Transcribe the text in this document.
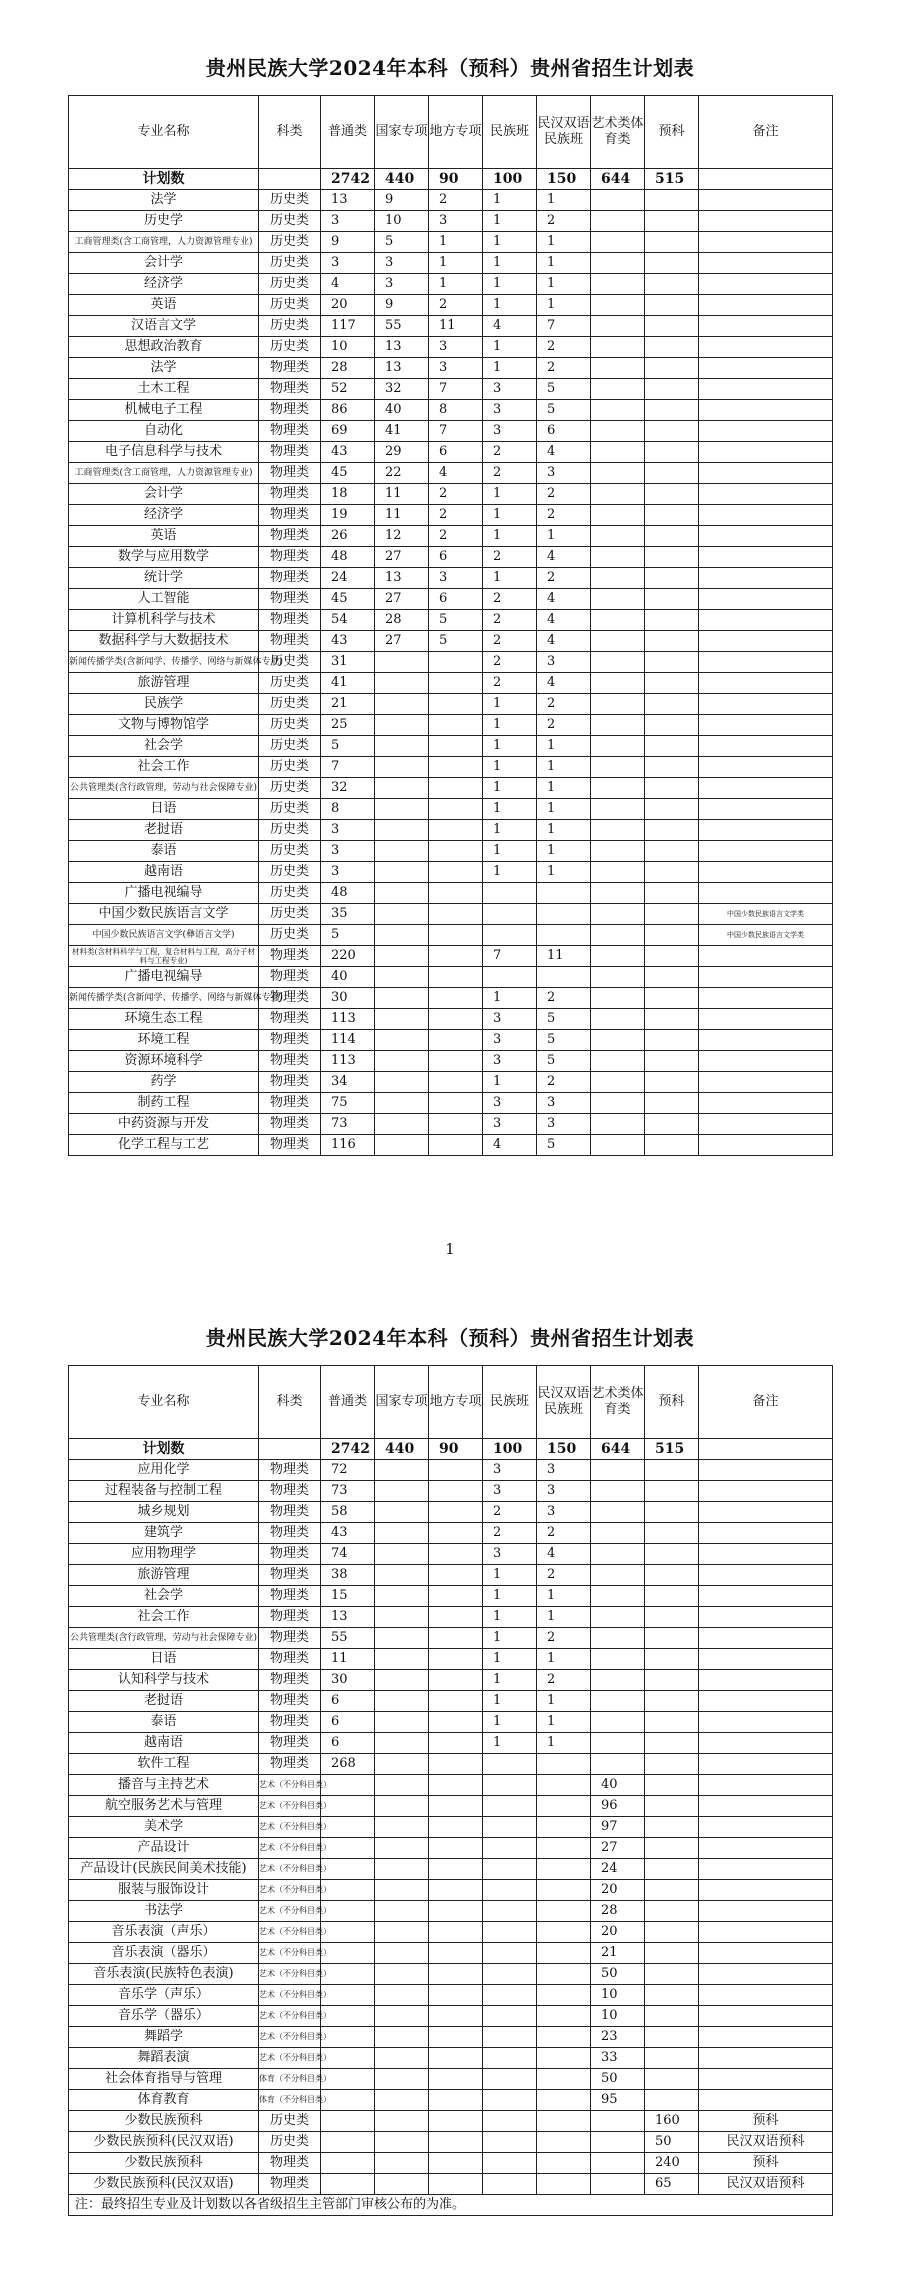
贵州民族大学2024年本科（预科）贵州省招生计划表
专业名称	科类	普通类	国家专项	地方专项	民族班	民汉双语民族班	艺术类体育类	预科	备注
计划数		2742	440	90	100	150	644	515	
法学	历史类	13	9	2	1	1			
历史学	历史类	3	10	3	1	2			
工商管理类(含工商管理，人力资源管理专业)	历史类	9	5	1	1	1			
会计学	历史类	3	3	1	1	1			
经济学	历史类	4	3	1	1	1			
英语	历史类	20	9	2	1	1			
汉语言文学	历史类	117	55	11	4	7			
思想政治教育	历史类	10	13	3	1	2			
法学	物理类	28	13	3	1	2			
土木工程	物理类	52	32	7	3	5			
机械电子工程	物理类	86	40	8	3	5			
自动化	物理类	69	41	7	3	6			
电子信息科学与技术	物理类	43	29	6	2	4			
工商管理类(含工商管理，人力资源管理专业)	物理类	45	22	4	2	3			
会计学	物理类	18	11	2	1	2			
经济学	物理类	19	11	2	1	2			
英语	物理类	26	12	2	1	1			
数学与应用数学	物理类	48	27	6	2	4			
统计学	物理类	24	13	3	1	2			
人工智能	物理类	45	27	6	2	4			
计算机科学与技术	物理类	54	28	5	2	4			
数据科学与大数据技术	物理类	43	27	5	2	4			
新闻传播学类(含新闻学、传播学、网络与新媒体专业)	历史类	31			2	3			
旅游管理	历史类	41			2	4			
民族学	历史类	21			1	2			
文物与博物馆学	历史类	25			1	2			
社会学	历史类	5			1	1			
社会工作	历史类	7			1	1			
公共管理类(含行政管理，劳动与社会保障专业)	历史类	32			1	1			
日语	历史类	8			1	1			
老挝语	历史类	3			1	1			
泰语	历史类	3			1	1			
越南语	历史类	3			1	1			
广播电视编导	历史类	48							
中国少数民族语言文学	历史类	35							中国少数民族语言文学类
中国少数民族语言文学(彝语言文学)	历史类	5							中国少数民族语言文学类
材料类(含材料科学与工程，复合材料与工程，高分子材料与工程专业)	物理类	220			7	11			
广播电视编导	物理类	40							
新闻传播学类(含新闻学、传播学、网络与新媒体专业)	物理类	30			1	2			
环境生态工程	物理类	113			3	5			
环境工程	物理类	114			3	5			
资源环境科学	物理类	113			3	5			
药学	物理类	34			1	2			
制药工程	物理类	75			3	3			
中药资源与开发	物理类	73			3	3			
化学工程与工艺	物理类	116			4	5			
1
贵州民族大学2024年本科（预科）贵州省招生计划表
专业名称	科类	普通类	国家专项	地方专项	民族班	民汉双语民族班	艺术类体育类	预科	备注
计划数		2742	440	90	100	150	644	515	
应用化学	物理类	72			3	3			
过程装备与控制工程	物理类	73			3	3			
城乡规划	物理类	58			2	3			
建筑学	物理类	43			2	2			
应用物理学	物理类	74			3	4			
旅游管理	物理类	38			1	2			
社会学	物理类	15			1	1			
社会工作	物理类	13			1	1			
公共管理类(含行政管理，劳动与社会保障专业)	物理类	55			1	2			
日语	物理类	11			1	1			
认知科学与技术	物理类	30			1	2			
老挝语	物理类	6			1	1			
泰语	物理类	6			1	1			
越南语	物理类	6			1	1			
软件工程	物理类	268							
播音与主持艺术	艺术（不分科目类）						40		
航空服务艺术与管理	艺术（不分科目类）						96		
美术学	艺术（不分科目类）						97		
产品设计	艺术（不分科目类）						27		
产品设计(民族民间美术技能)	艺术（不分科目类）						24		
服装与服饰设计	艺术（不分科目类）						20		
书法学	艺术（不分科目类）						28		
音乐表演（声乐）	艺术（不分科目类）						20		
音乐表演（器乐）	艺术（不分科目类）						21		
音乐表演(民族特色表演)	艺术（不分科目类）						50		
音乐学（声乐）	艺术（不分科目类）						10		
音乐学（器乐）	艺术（不分科目类）						10		
舞蹈学	艺术（不分科目类）						23		
舞蹈表演	艺术（不分科目类）						33		
社会体育指导与管理	体育（不分科目类）						50		
体育教育	体育（不分科目类）						95		
少数民族预科	历史类							160	预科
少数民族预科(民汉双语)	历史类							50	民汉双语预科
少数民族预科	物理类							240	预科
少数民族预科(民汉双语)	物理类							65	民汉双语预科
注：最终招生专业及计划数以各省级招生主管部门审核公布的为准。									
